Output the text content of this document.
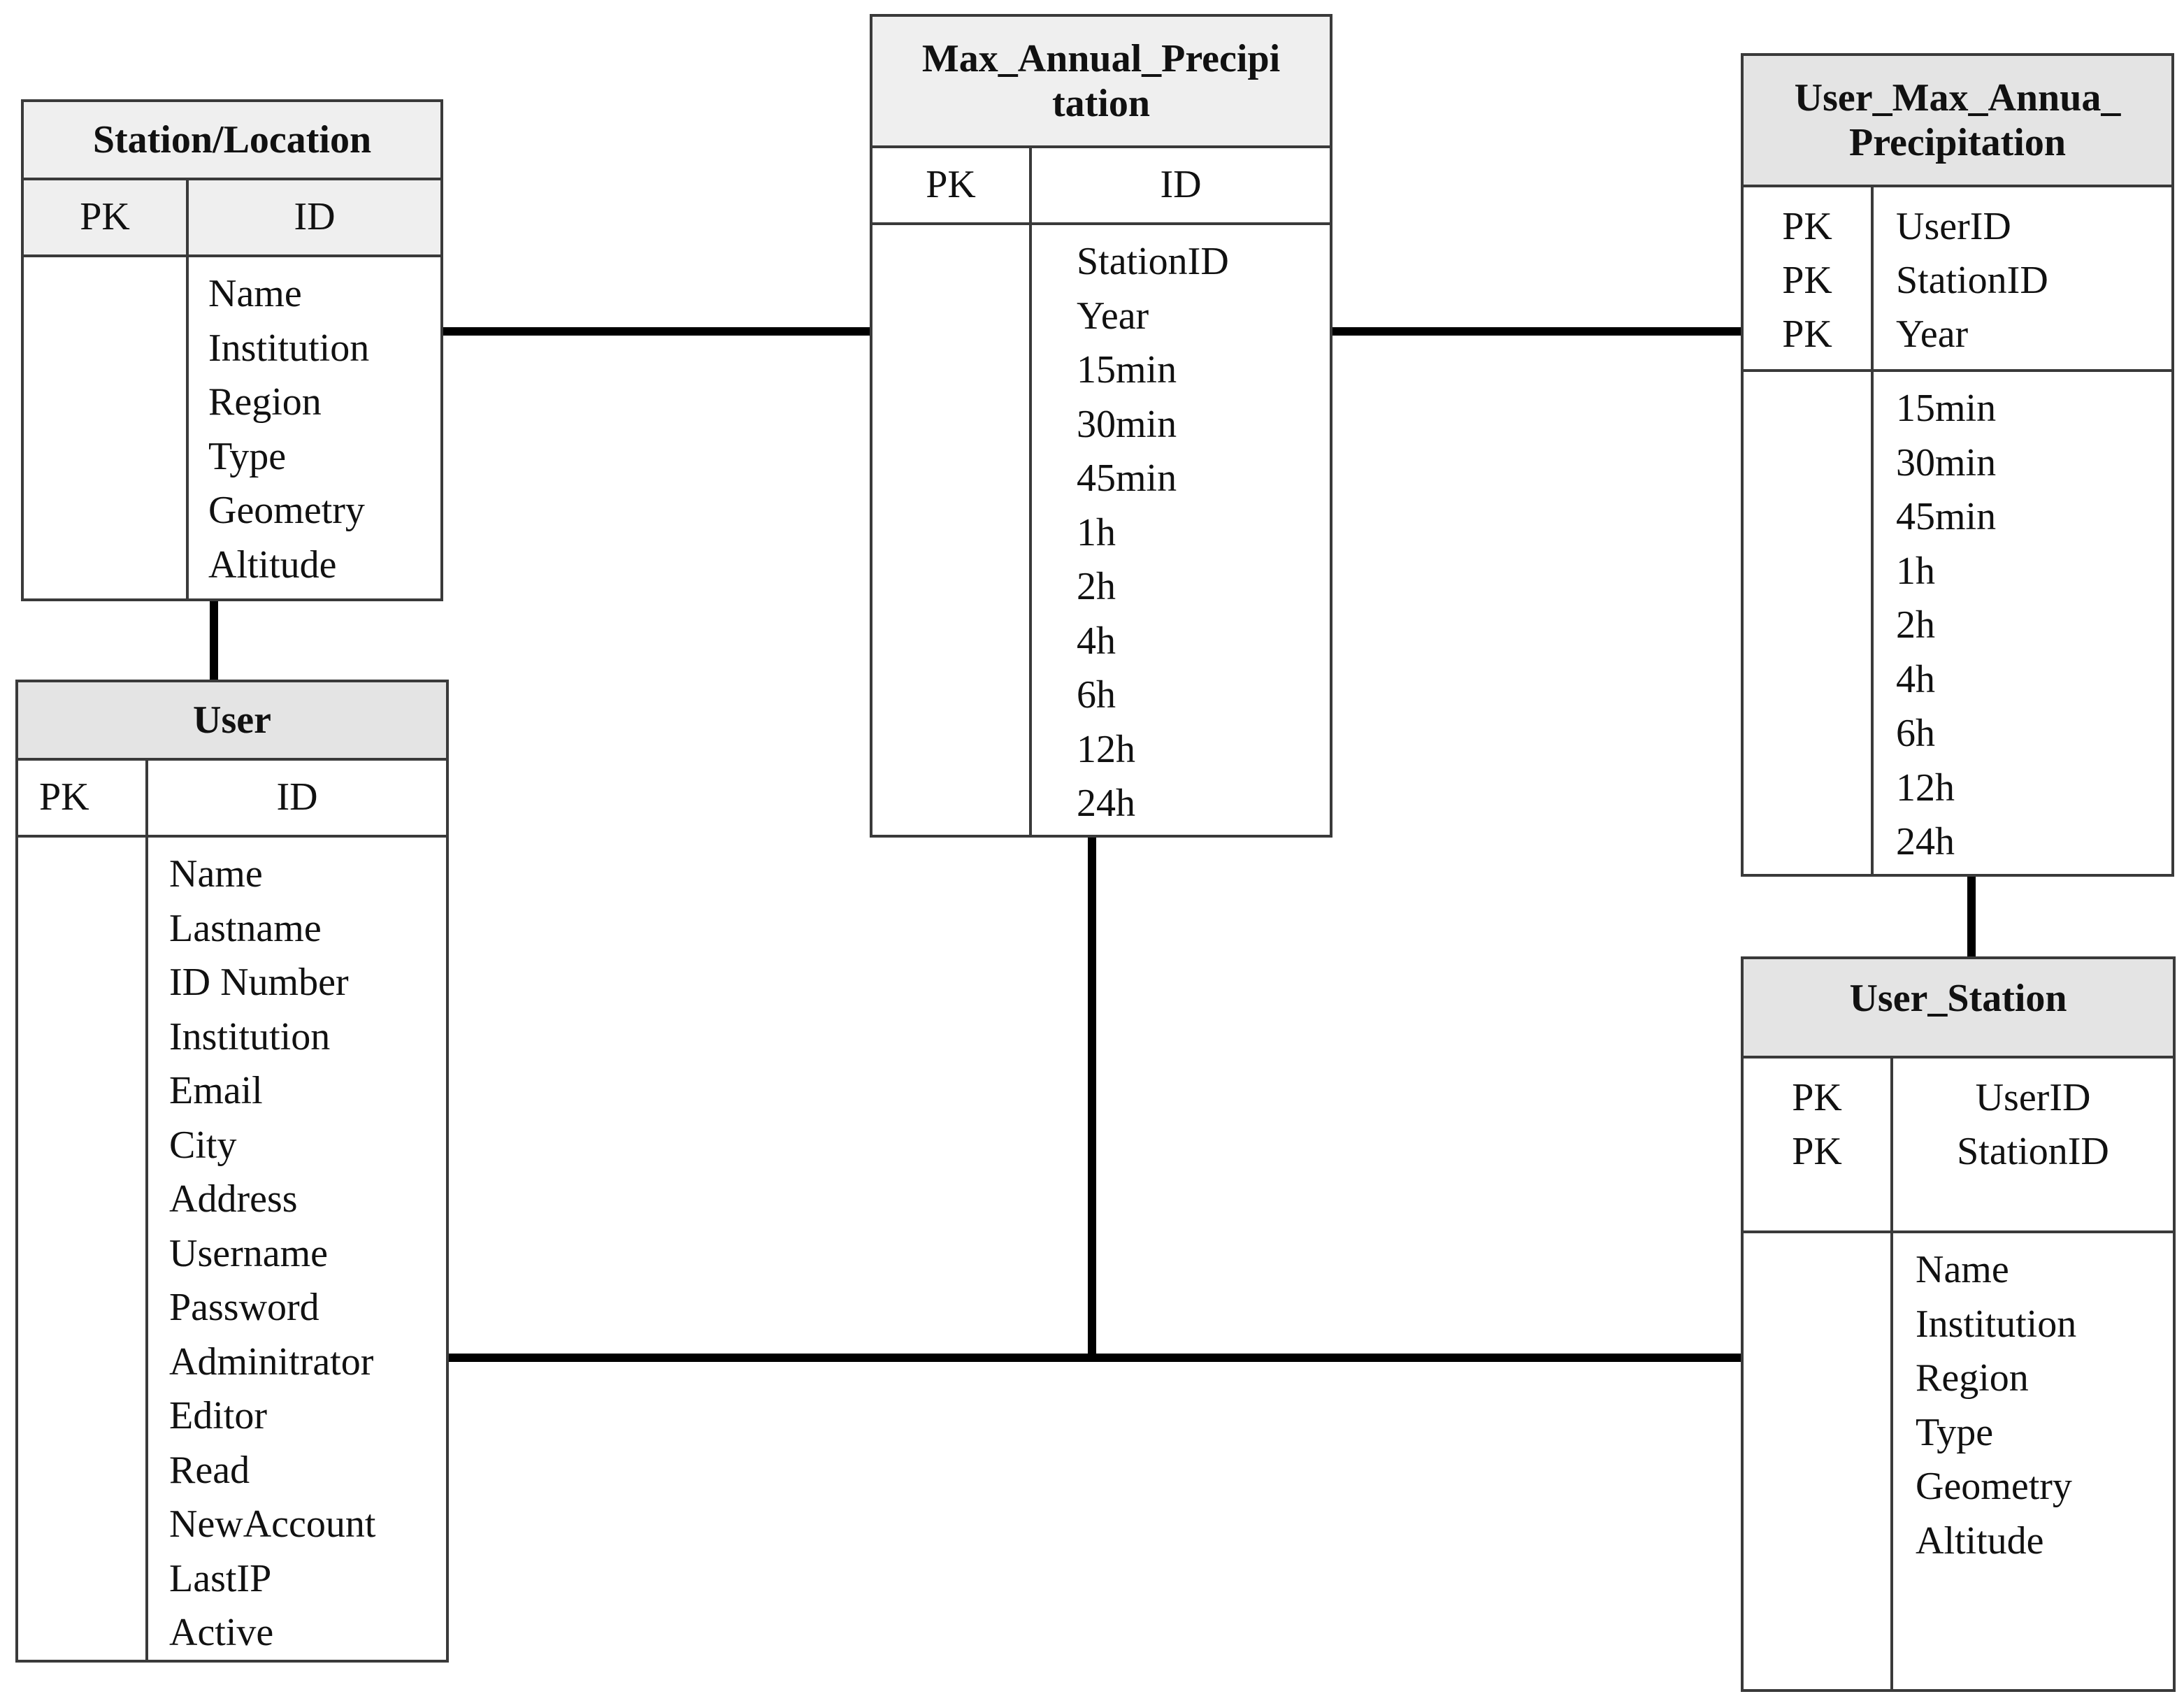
Station/Location
PK	ID
Name
Institution
Region
Type
Geometry
Altitude
User
PK	ID
Name
Lastname
ID Number
Institution
Email
City
Address
Username
Password
Adminitrator
Editor
Read
NewAccount
LastIP
Active
Max_Annual_Precipi
tation
PK	ID
StationID
Year
15min
30min
45min
1h
2h
4h
6h
12h
24h
User_Max_Annua_
Precipitation
PK	UserID
PK	StationID
PK	Year
15min
30min
45min
1h
2h
4h
6h
12h
24h
User_Station
PK	UserID
PK	StationID
Name
Institution
Region
Type
Geometry
Altitude
